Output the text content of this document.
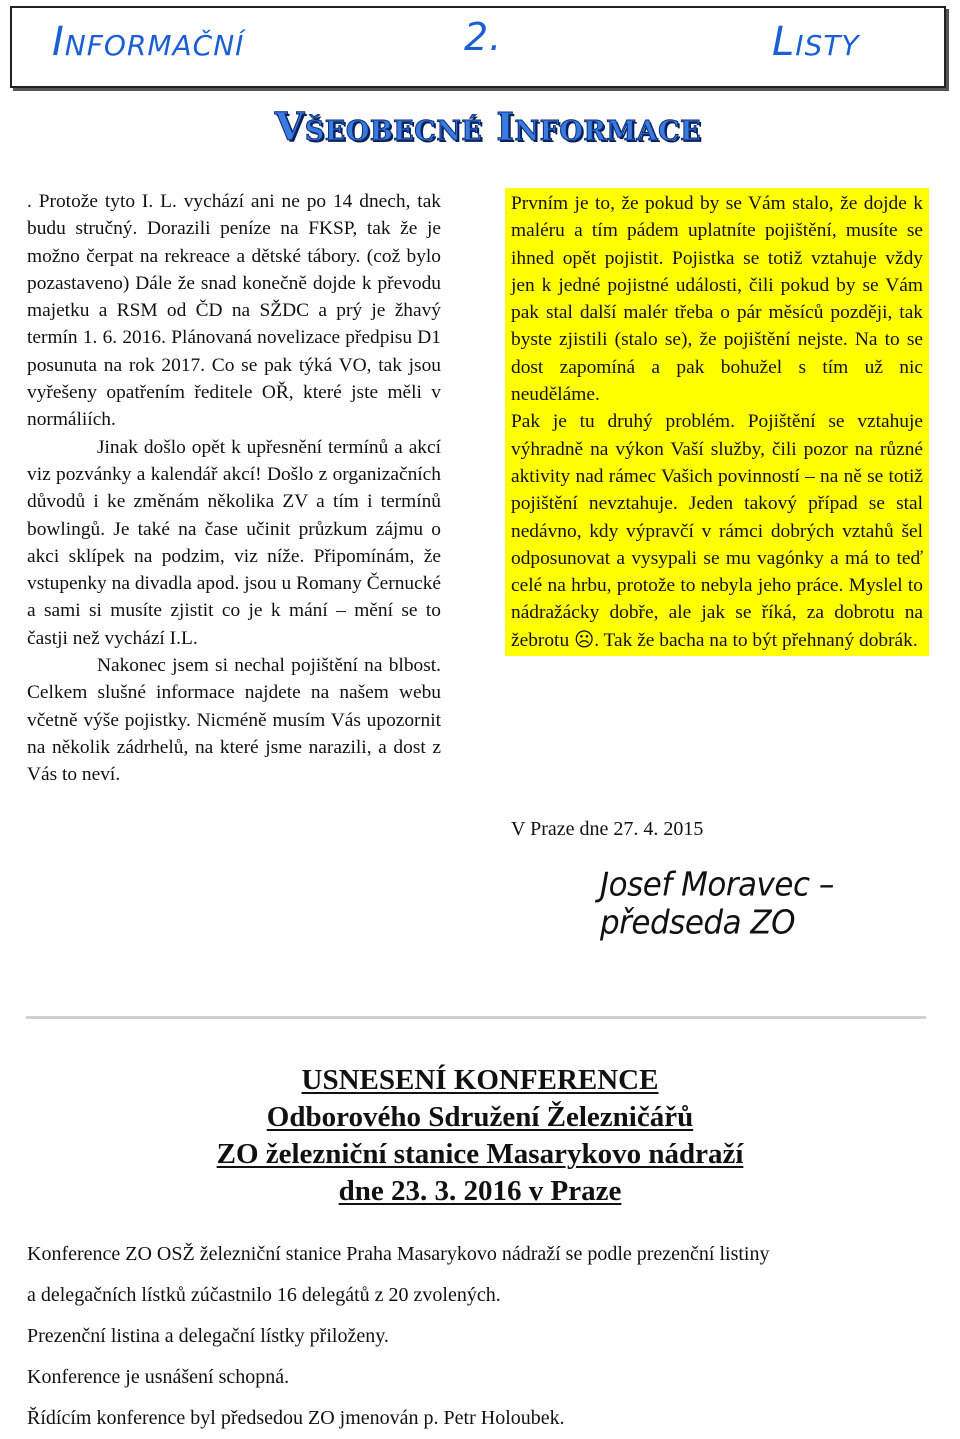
Informační	2.	Listy
Všeobecné Informace

. Protože tyto I. L. vychází ani ne po 14 dnech, tak budu stručný. Dorazili peníze na FKSP, tak že je možno čerpat na rekreace a dětské tábory. (což bylo pozastaveno) Dále že snad konečně dojde k převodu majetku a RSM od ČD na SŽDC a prý je žhavý termín 1. 6. 2016. Plánovaná novelizace předpisu D1 posunuta na rok 2017. Co se pak týká VO, tak jsou vyřešeny opatřením ředitele OŘ, které jste měli v normáliích.

Jinak došlo opět k upřesnění termínů a akcí viz pozvánky a kalendář akcí! Došlo z organizačních důvodů i ke změnám několika ZV a tím i termínů bowlingů. Je také na čase učinit průzkum zájmu o akci sklípek na podzim, viz níže. Připomínám, že vstupenky na divadla apod. jsou u Romany Černucké a sami si musíte zjistit co je k mání – mění se to častji než vychází I.L.

Nakonec jsem si nechal pojištění na blbost. Celkem slušné informace najdete na našem webu včetně výše pojistky. Nicméně musím Vás upozornit na několik zádrhelů, na které jsme narazili, a dost z Vás to neví.

Prvním je to, že pokud by se Vám stalo, že dojde k maléru a tím pádem uplatníte pojištění, musíte se ihned opět pojistit. Pojistka se totiž vztahuje vždy jen k jedné pojistné události, čili pokud by se Vám pak stal další malér třeba o pár měsíců později, tak byste zjistili (stalo se), že pojištění nejste. Na to se dost zapomíná a pak bohužel s tím už nic neuděláme.

Pak je tu druhý problém. Pojištění se vztahuje výhradně na výkon Vaší služby, čili pozor na různé aktivity nad rámec Vašich povinností – na ně se totiž pojištění nevztahuje. Jeden takový případ se stal nedávno, kdy výpravčí v rámci dobrých vztahů šel odposunovat a vysypali se mu vagónky a má to teď celé na hrbu, protože to nebyla jeho práce. Myslel to nádražácky dobře, ale jak se říká, za dobrotu na žebrotu ☹. Tak že bacha na to být přehnaný dobrák.

V Praze dne 27. 4. 2015
Josef Moravec – předseda ZO
USNESENÍ KONFERENCE
Odborového Sdružení Železničářů
ZO železniční stanice Masarykovo nádraží
dne 23. 3. 2016 v Praze

Konference ZO OSŽ železniční stanice Praha Masarykovo nádraží se podle prezenční listiny

a delegačních lístků zúčastnilo 16 delegátů z 20 zvolených.

Prezenční listina a delegační lístky přiloženy.

Konference je usnášení schopná.

Řídícím konference byl předsedou ZO jmenován p. Petr Holoubek.
